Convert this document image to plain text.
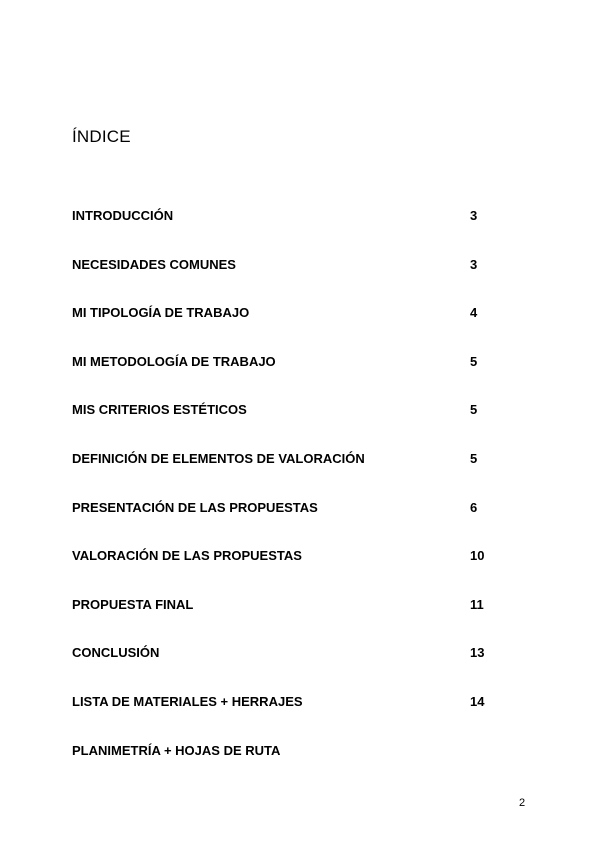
ÍNDICE
INTRODUCCIÓN	3
NECESIDADES COMUNES	3
MI TIPOLOGÍA DE TRABAJO	4
MI METODOLOGÍA DE TRABAJO	5
MIS CRITERIOS ESTÉTICOS	5
DEFINICIÓN DE ELEMENTOS DE VALORACIÓN	5
PRESENTACIÓN DE LAS PROPUESTAS	6
VALORACIÓN DE LAS PROPUESTAS	10
PROPUESTA FINAL	11
CONCLUSIÓN	13
LISTA DE MATERIALES + HERRAJES	14
PLANIMETRÍA + HOJAS DE RUTA
2
